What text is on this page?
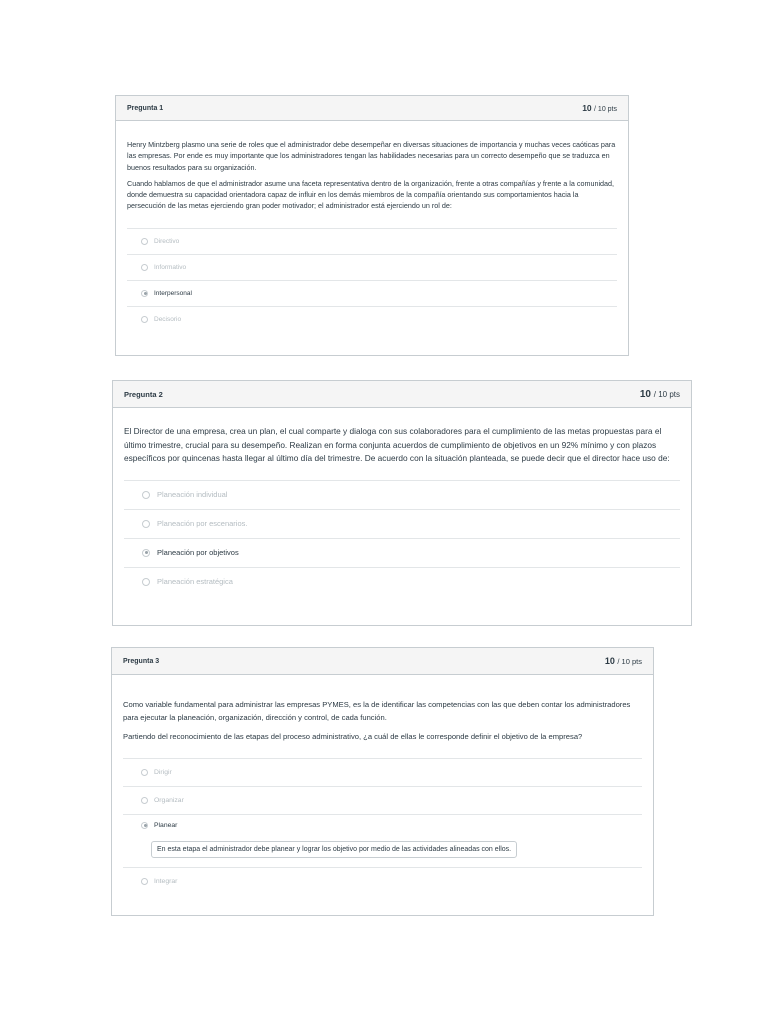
Pregunta 1	10 / 10 pts

Henry Mintzberg plasmo una serie de roles que el administrador debe desempeñar en diversas situaciones de importancia y muchas veces caóticas para las empresas. Por ende es muy importante que los administradores tengan las habilidades necesarias para un correcto desempeño que se traduzca en buenos resultados para su organización.

Cuando hablamos de que el administrador asume una faceta representativa dentro de la organización, frente a otras compañías y frente a la comunidad, donde demuestra su capacidad orientadora capaz de influir en los demás miembros de la compañía orientando sus comportamientos hacia la persecución de las metas ejerciendo gran poder motivador; el administrador está ejerciendo un rol de:

Directivo
Informativo
Interpersonal
Decisorio
Pregunta 2	10 / 10 pts

El Director de una empresa, crea un plan, el cual comparte y dialoga con sus colaboradores para el cumplimiento de las metas propuestas para el último trimestre, crucial para su desempeño. Realizan en forma conjunta acuerdos de cumplimiento de objetivos en un 92% mínimo y con plazos específicos por quincenas hasta llegar al último día del trimestre. De acuerdo con la situación planteada, se puede decir que el director hace uso de:

Planeación individual
Planeación por escenarios.
Planeación por objetivos
Planeación estratégica
Pregunta 3	10 / 10 pts

Como variable fundamental para administrar las empresas PYMES, es la de identificar las competencias con las que deben contar los administradores para ejecutar la planeación, organización, dirección y control, de cada función.

Partiendo del reconocimiento de las etapas del proceso administrativo, ¿a cuál de ellas le corresponde definir el objetivo de la empresa?

Dirigir
Organizar
Planear
En esta etapa el administrador debe planear y lograr los objetivo por medio de las actividades alineadas con ellos.
Integrar
